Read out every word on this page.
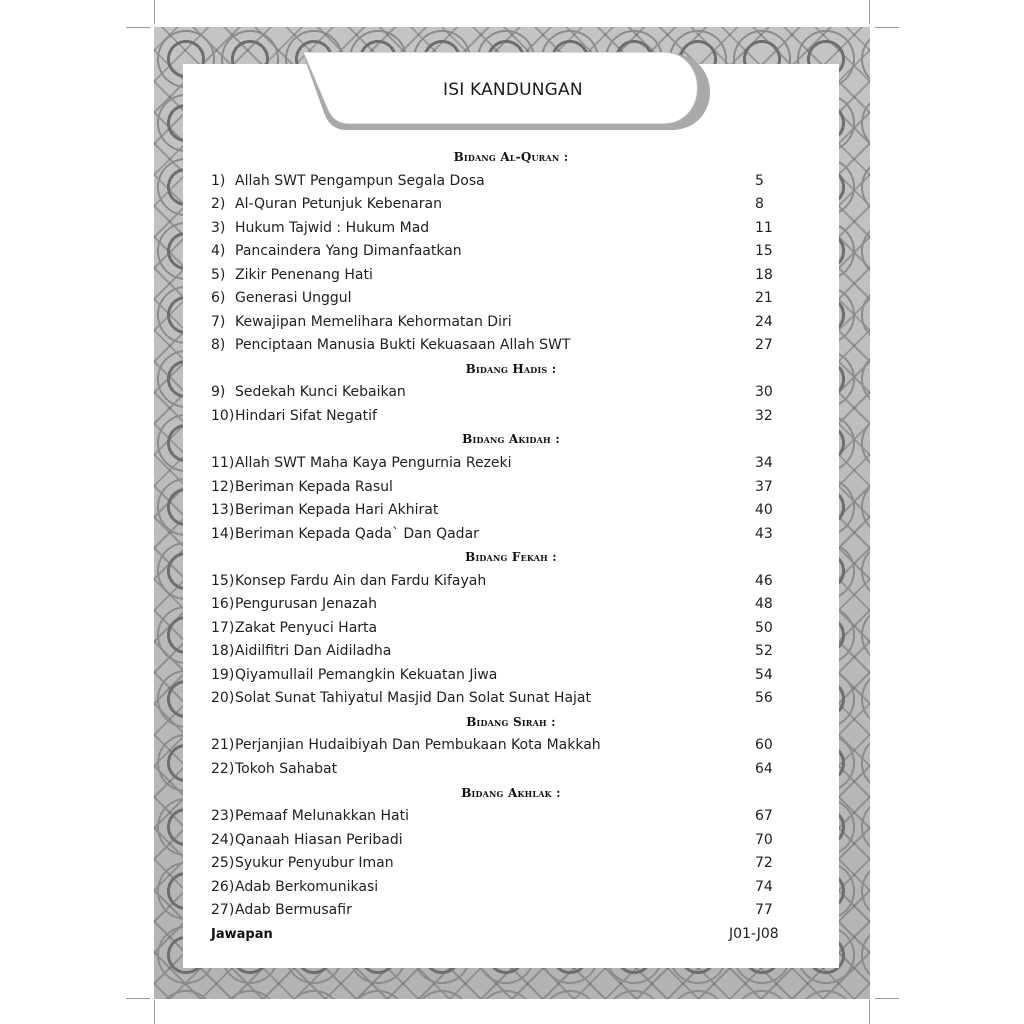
ISI KANDUNGAN
Bidang Al-Quran :
Bidang Hadis :
Bidang Akidah :
Bidang Fekah :
Bidang Sirah :
Bidang Akhlak :
1) Allah SWT Pengampun Segala Dosa	5
2) Al-Quran Petunjuk Kebenaran	8
3) Hukum Tajwid : Hukum Mad	11
4) Pancaindera Yang Dimanfaatkan	15
5) Zikir Penenang Hati	18
6) Generasi Unggul	21
7) Kewajipan Memelihara Kehormatan Diri	24
8) Penciptaan Manusia Bukti Kekuasaan Allah SWT	27
9) Sedekah Kunci Kebaikan	30
10) Hindari Sifat Negatif	32
11) Allah SWT Maha Kaya Pengurnia Rezeki	34
12) Beriman Kepada Rasul	37
13) Beriman Kepada Hari Akhirat	40
14) Beriman Kepada Qada` Dan Qadar	43
15) Konsep Fardu Ain dan Fardu Kifayah	46
16) Pengurusan Jenazah	48
17) Zakat Penyuci Harta	50
18) Aidilfitri Dan Aidiladha	52
19) Qiyamullail Pemangkin Kekuatan Jiwa	54
20) Solat Sunat Tahiyatul Masjid Dan Solat Sunat Hajat	56
21) Perjanjian Hudaibiyah Dan Pembukaan Kota Makkah	60
22) Tokoh Sahabat	64
23) Pemaaf Melunakkan Hati	67
24) Qanaah Hiasan Peribadi	70
25) Syukur Penyubur Iman	72
26) Adab Berkomunikasi	74
27) Adab Bermusafir	77
Jawapan	J01-J08
